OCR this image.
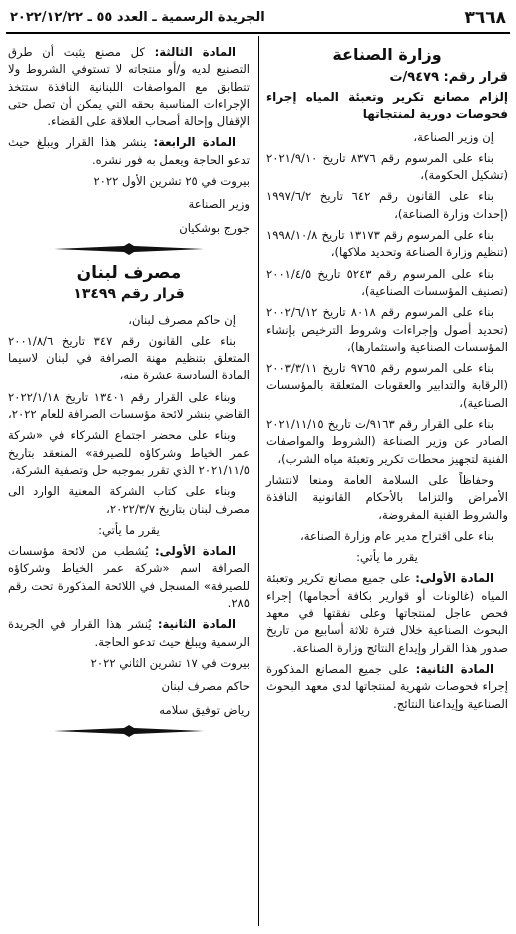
٣٦٦٨
الجريدة الرسمية ـ العدد ٥٥ ـ ٢٠٢٢/١٢/٢٢
وزارة الصناعة
قرار رقم: ٩٤٧٩/ت
إلزام مصانع تكرير وتعبئة المياه إجراء فحوصات دورية لمنتجاتها
إن وزير الصناعة،
بناء على المرسوم رقم ٨٣٧٦ تاريخ ٢٠٢١/٩/١٠ (تشكيل الحكومة)،
بناء على القانون رقم ٦٤٢ تاريخ ١٩٩٧/٦/٢ (إحداث وزارة الصناعة)،
بناء على المرسوم رقم ١٣١٧٣ تاريخ ١٩٩٨/١٠/٨ (تنظيم وزارة الصناعة وتحديد ملاكها)،
بناء على المرسوم رقم ٥٢٤٣ تاريخ ٢٠٠١/٤/٥ (تصنيف المؤسسات الصناعية)،
بناء على المرسوم رقم ٨٠١٨ تاريخ ٢٠٠٢/٦/١٢ (تحديد أصول وإجراءات وشروط الترخيص بإنشاء المؤسسات الصناعية واستثمارها)،
بناء على المرسوم رقم ٩٧٦٥ تاريخ ٢٠٠٣/٣/١١ (الرقابة والتدابير والعقوبات المتعلقة بالمؤسسات الصناعية)،
بناء على القرار رقم ٩١٦٣/ت تاريخ ٢٠٢١/١١/١٥ الصادر عن وزير الصناعة (الشروط والمواصفات الفنية لتجهيز محطات تكرير وتعبئة مياه الشرب)،
وحفاظاً على السلامة العامة ومنعا لانتشار الأمراض والتزاما بالأحكام القانونية النافذة والشروط الفنية المفروضة،
بناء على اقتراح مدير عام وزارة الصناعة،
يقرر ما يأتي:
المادة الأولى: على جميع مصانع تكرير وتعبئة المياه (غالونات أو قوارير بكافة أحجامها) إجراء فحص عاجل لمنتجاتها وعلى نفقتها في معهد البحوث الصناعية خلال فترة ثلاثة أسابيع من تاريخ صدور هذا القرار وإيداع النتائج وزارة الصناعة.
المادة الثانية: على جميع المصانع المذكورة إجراء فحوصات شهرية لمنتجاتها لدى معهد البحوث الصناعية وإيداعنا النتائج.
المادة الثالثة: كل مصنع يثبت أن طرق التصنيع لديه و/أو منتجاته لا تستوفي الشروط ولا تتطابق مع المواصفات اللبنانية النافذة ستتخذ الإجراءات المناسبة بحقه التي يمكن أن تصل حتى الإقفال وإحالة أصحاب العلاقة على القضاء.
المادة الرابعة: ينشر هذا القرار ويبلغ حيث تدعو الحاجة ويعمل به فور نشره.
بيروت في ٢٥ تشرين الأول ٢٠٢٢
وزير الصناعة
جورج بوشكيان
مصرف لبنان
قرار رقم ١٣٤٩٩
إن حاكم مصرف لبنان،
بناء على القانون رقم ٣٤٧ تاريخ ٢٠٠١/٨/٦ المتعلق بتنظيم مهنة الصرافة في لبنان لاسيما المادة السادسة عشرة منه،
وبناء على القرار رقم ١٣٤٠١ تاريخ ٢٠٢٢/١/١٨ القاضي بنشر لائحة مؤسسات الصرافة للعام ٢٠٢٢،
وبناء على محضر اجتماع الشركاء في «شركة عمر الخياط وشركاؤه للصيرفة» المنعقد بتاريخ ٢٠٢١/١١/٥ الذي تقرر بموجبه حل وتصفية الشركة،
وبناء على كتاب الشركة المعنية الوارد الى مصرف لبنان بتاريخ ٢٠٢٢/٣/٧،
يقرر ما يأتي:
المادة الأولى: يُشطب من لائحة مؤسسات الصرافة اسم «شركة عمر الخياط وشركاؤه للصيرفة» المسجل في اللائحة المذكورة تحت رقم ٢٨٥.
المادة الثانية: يُنشر هذا القرار في الجريدة الرسمية ويبلغ حيث تدعو الحاجة.
بيروت في ١٧ تشرين الثاني ٢٠٢٢
حاكم مصرف لبنان
رياض توفيق سلامه
